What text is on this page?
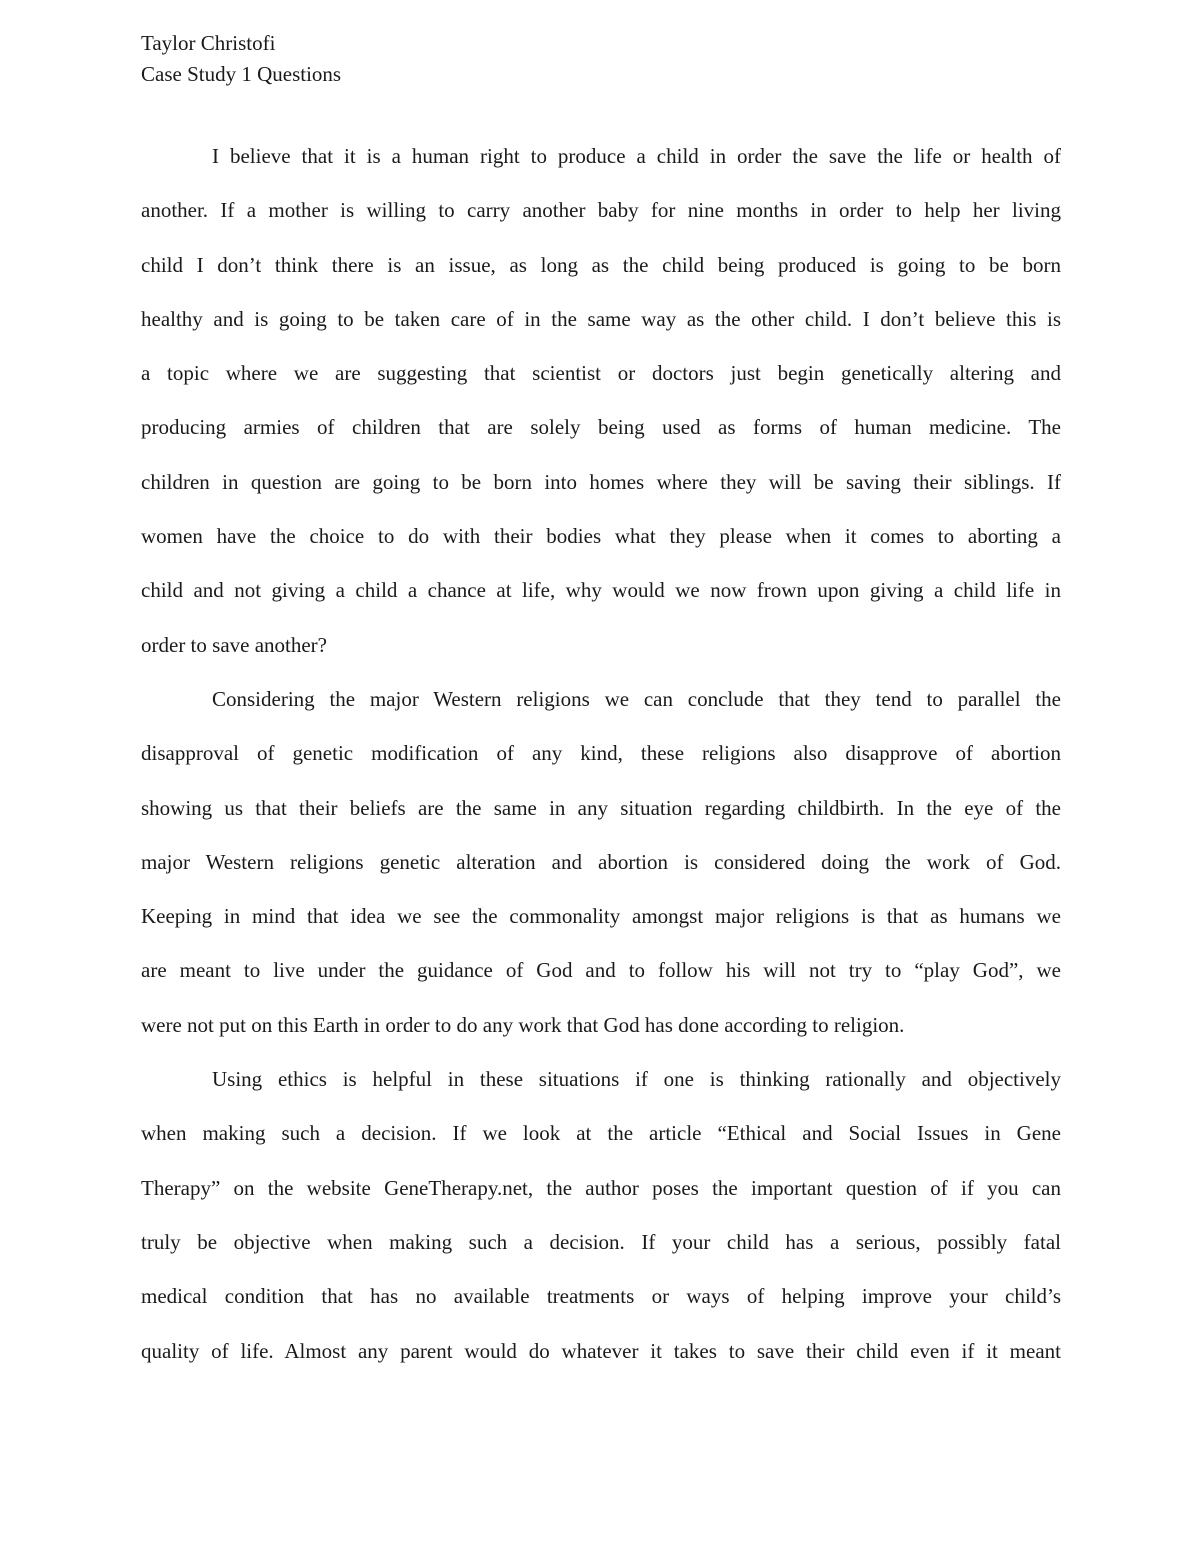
Taylor Christofi
Case Study 1 Questions
I believe that it is a human right to produce a child in order the save the life or health of
another. If a mother is willing to carry another baby for nine months in order to help her living
child I don’t think there is an issue, as long as the child being produced is going to be born
healthy and is going to be taken care of in the same way as the other child. I don’t believe this is
a topic where we are suggesting that scientist or doctors just begin genetically altering and
producing armies of children that are solely being used as forms of human medicine. The
children in question are going to be born into homes where they will be saving their siblings. If
women have the choice to do with their bodies what they please when it comes to aborting a
child and not giving a child a chance at life, why would we now frown upon giving a child life in
order to save another?
Considering the major Western religions we can conclude that they tend to parallel the
disapproval of genetic modification of any kind, these religions also disapprove of abortion
showing us that their beliefs are the same in any situation regarding childbirth. In the eye of the
major Western religions genetic alteration and abortion is considered doing the work of God.
Keeping in mind that idea we see the commonality amongst major religions is that as humans we
are meant to live under the guidance of God and to follow his will not try to “play God”, we
were not put on this Earth in order to do any work that God has done according to religion.
Using ethics is helpful in these situations if one is thinking rationally and objectively
when making such a decision. If we look at the article “Ethical and Social Issues in Gene
Therapy” on the website GeneTherapy.net, the author poses the important question of if you can
truly be objective when making such a decision. If your child has a serious, possibly fatal
medical condition that has no available treatments or ways of helping improve your child’s
quality of life. Almost any parent would do whatever it takes to save their child even if it meant
